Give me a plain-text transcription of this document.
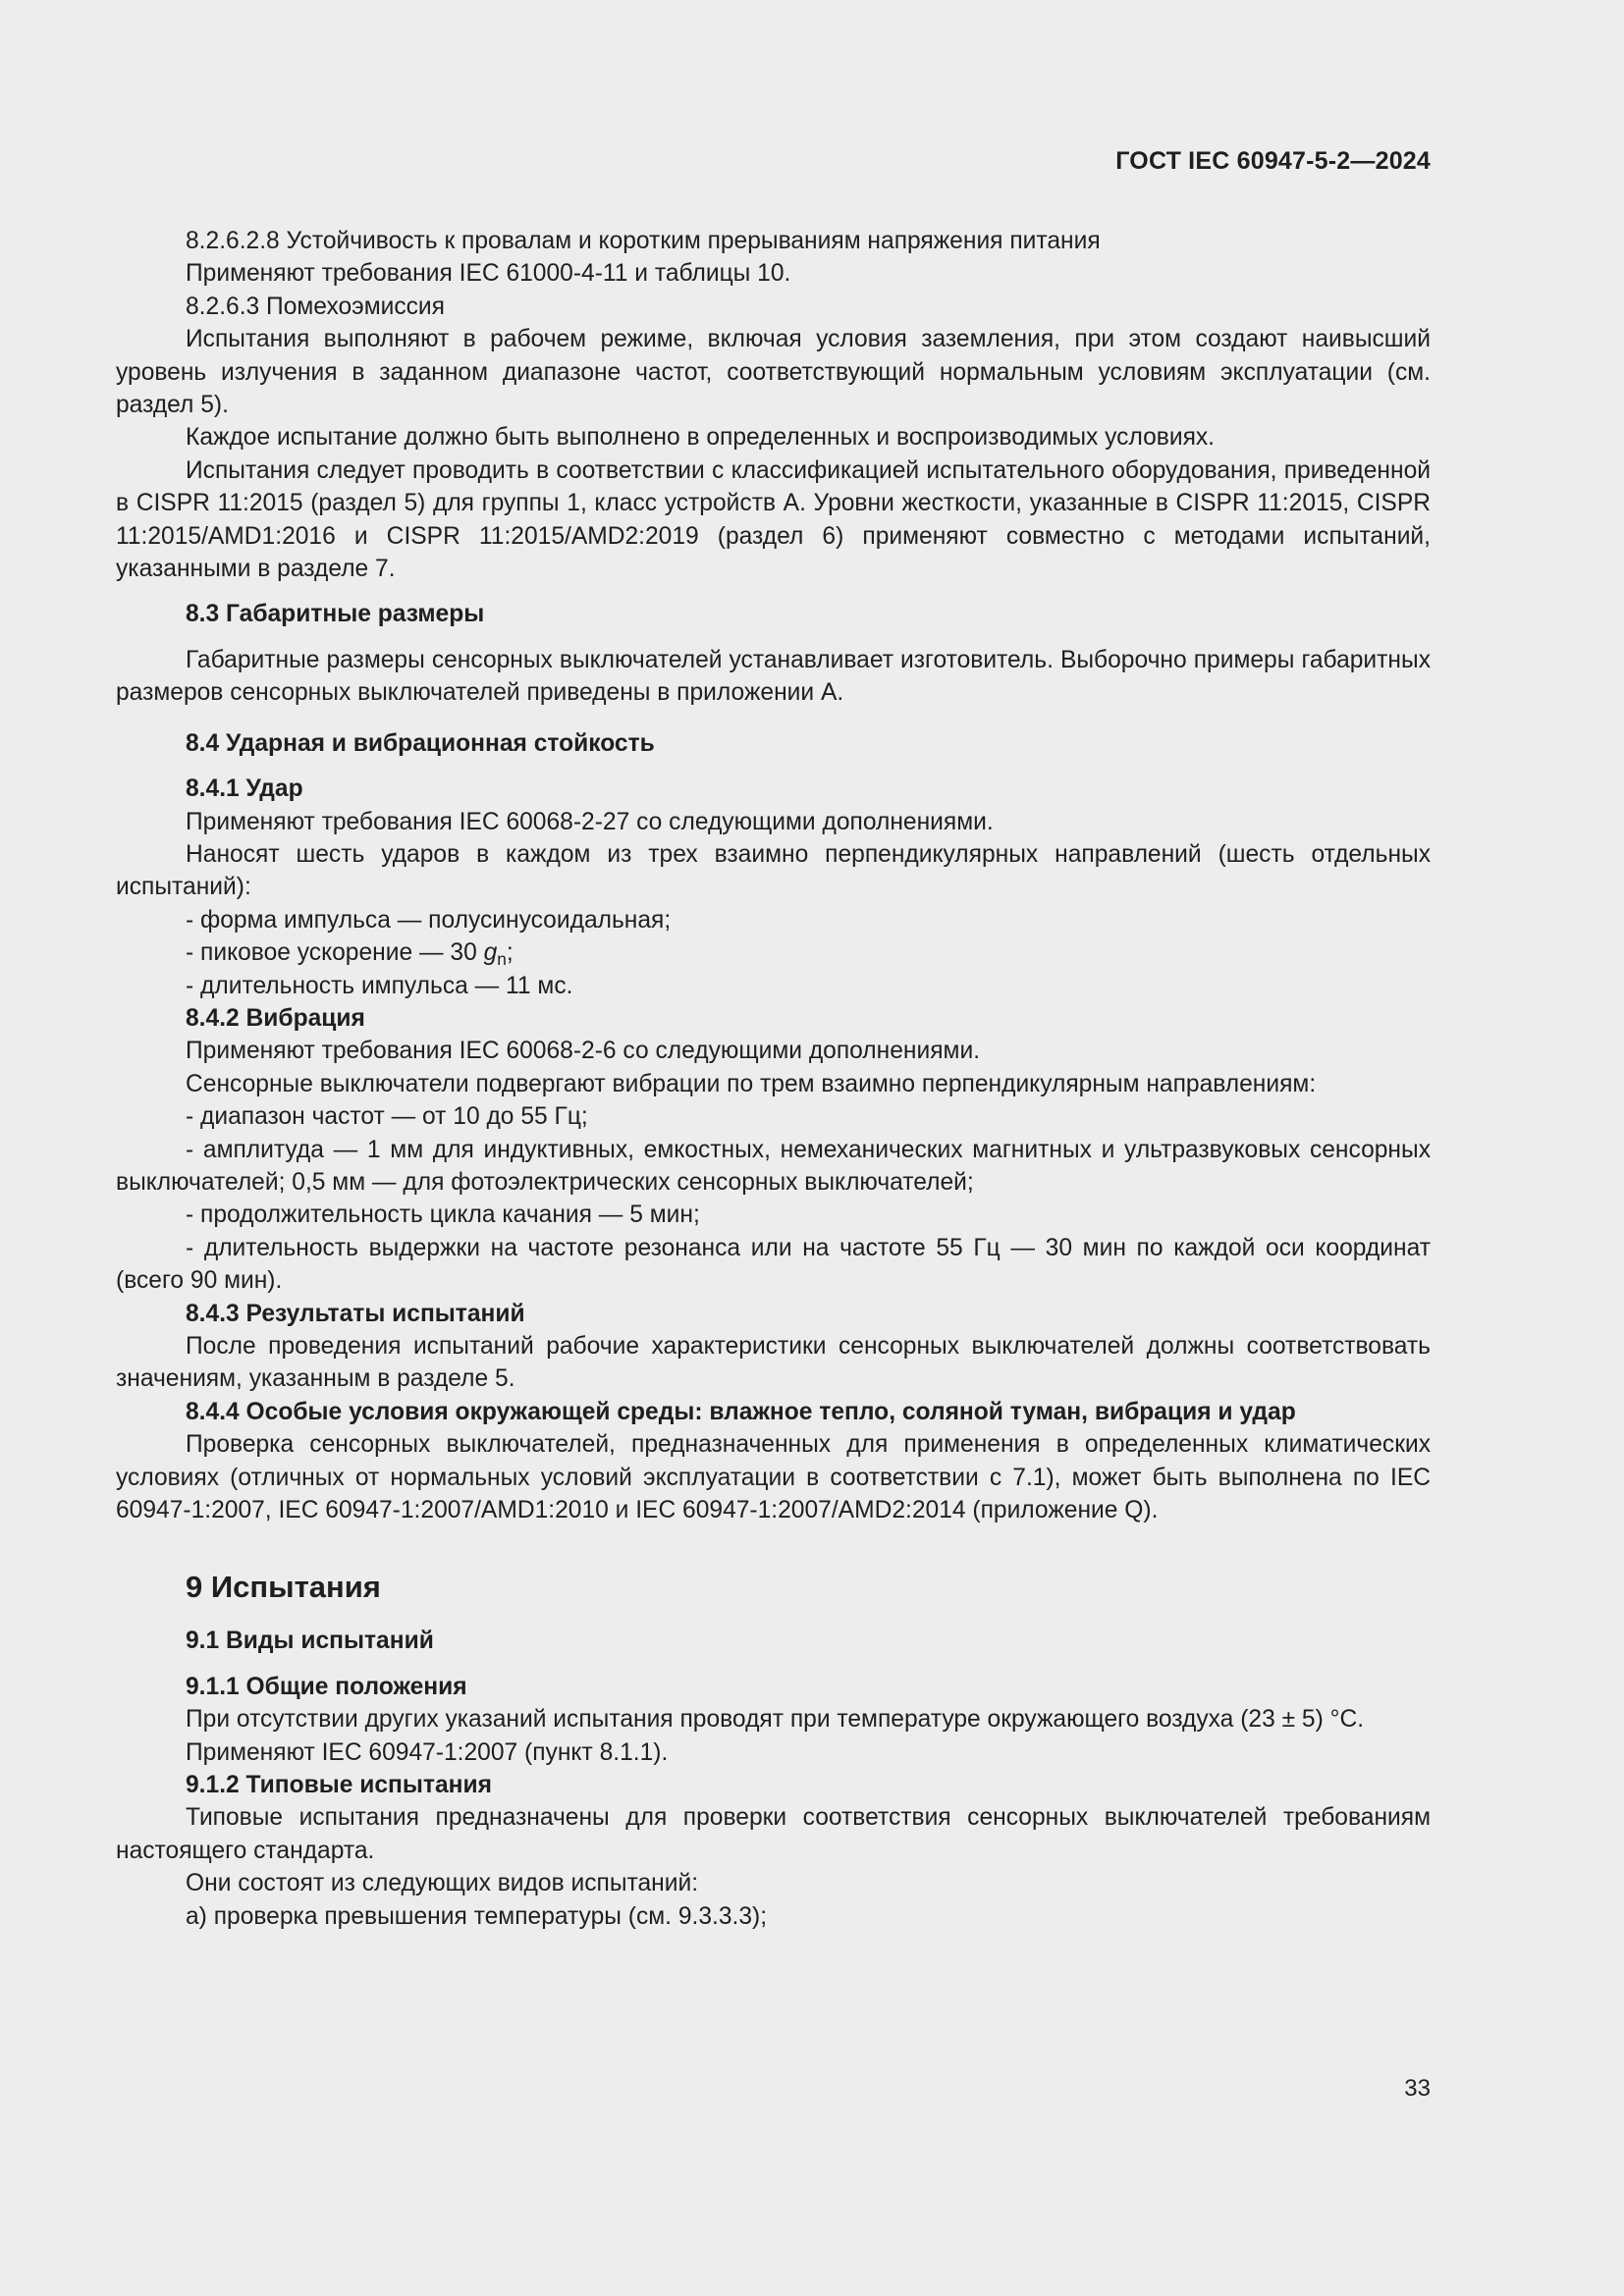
ГОСТ IEC 60947-5-2—2024

8.2.6.2.8 Устойчивость к провалам и коротким прерываниям напряжения питания

Применяют требования IEC 61000-4-11 и таблицы 10.

8.2.6.3 Помехоэмиссия

Испытания выполняют в рабочем режиме, включая условия заземления, при этом создают наивысший уровень излучения в заданном диапазоне частот, соответствующий нормальным условиям эксплуатации (см. раздел 5).

Каждое испытание должно быть выполнено в определенных и воспроизводимых условиях.

Испытания следует проводить в соответствии с классификацией испытательного оборудования, приведенной в CISPR 11:2015 (раздел 5) для группы 1, класс устройств A. Уровни жесткости, указанные в CISPR 11:2015, CISPR 11:2015/AMD1:2016 и CISPR 11:2015/AMD2:2019 (раздел 6) применяют совместно с методами испытаний, указанными в разделе 7.

8.3 Габаритные размеры

Габаритные размеры сенсорных выключателей устанавливает изготовитель. Выборочно примеры габаритных размеров сенсорных выключателей приведены в приложении А.

8.4 Ударная и вибрационная стойкость

8.4.1 Удар

Применяют требования IEC 60068-2-27 со следующими дополнениями.

Наносят шесть ударов в каждом из трех взаимно перпендикулярных направлений (шесть отдельных испытаний):

- форма импульса — полусинусоидальная;

- пиковое ускорение — 30 $g_n$;

- длительность импульса — 11 мс.

8.4.2 Вибрация

Применяют требования IEC 60068-2-6 со следующими дополнениями.

Сенсорные выключатели подвергают вибрации по трем взаимно перпендикулярным направлениям:

- диапазон частот — от 10 до 55 Гц;

- амплитуда — 1 мм для индуктивных, емкостных, немеханических магнитных и ультразвуковых сенсорных выключателей; 0,5 мм — для фотоэлектрических сенсорных выключателей;

- продолжительность цикла качания — 5 мин;

- длительность выдержки на частоте резонанса или на частоте 55 Гц — 30 мин по каждой оси координат (всего 90 мин).

8.4.3 Результаты испытаний

После проведения испытаний рабочие характеристики сенсорных выключателей должны соответствовать значениям, указанным в разделе 5.

8.4.4 Особые условия окружающей среды: влажное тепло, соляной туман, вибрация и удар

Проверка сенсорных выключателей, предназначенных для применения в определенных климатических условиях (отличных от нормальных условий эксплуатации в соответствии с 7.1), может быть выполнена по IEC 60947-1:2007, IEC 60947-1:2007/AMD1:2010 и IEC 60947-1:2007/AMD2:2014 (приложение Q).

9 Испытания

9.1 Виды испытаний

9.1.1 Общие положения

При отсутствии других указаний испытания проводят при температуре окружающего воздуха (23 ± 5) °С.

Применяют IEC 60947-1:2007 (пункт 8.1.1).

9.1.2 Типовые испытания

Типовые испытания предназначены для проверки соответствия сенсорных выключателей требованиям настоящего стандарта.

Они состоят из следующих видов испытаний:

а) проверка превышения температуры (см. 9.3.3.3);

33
